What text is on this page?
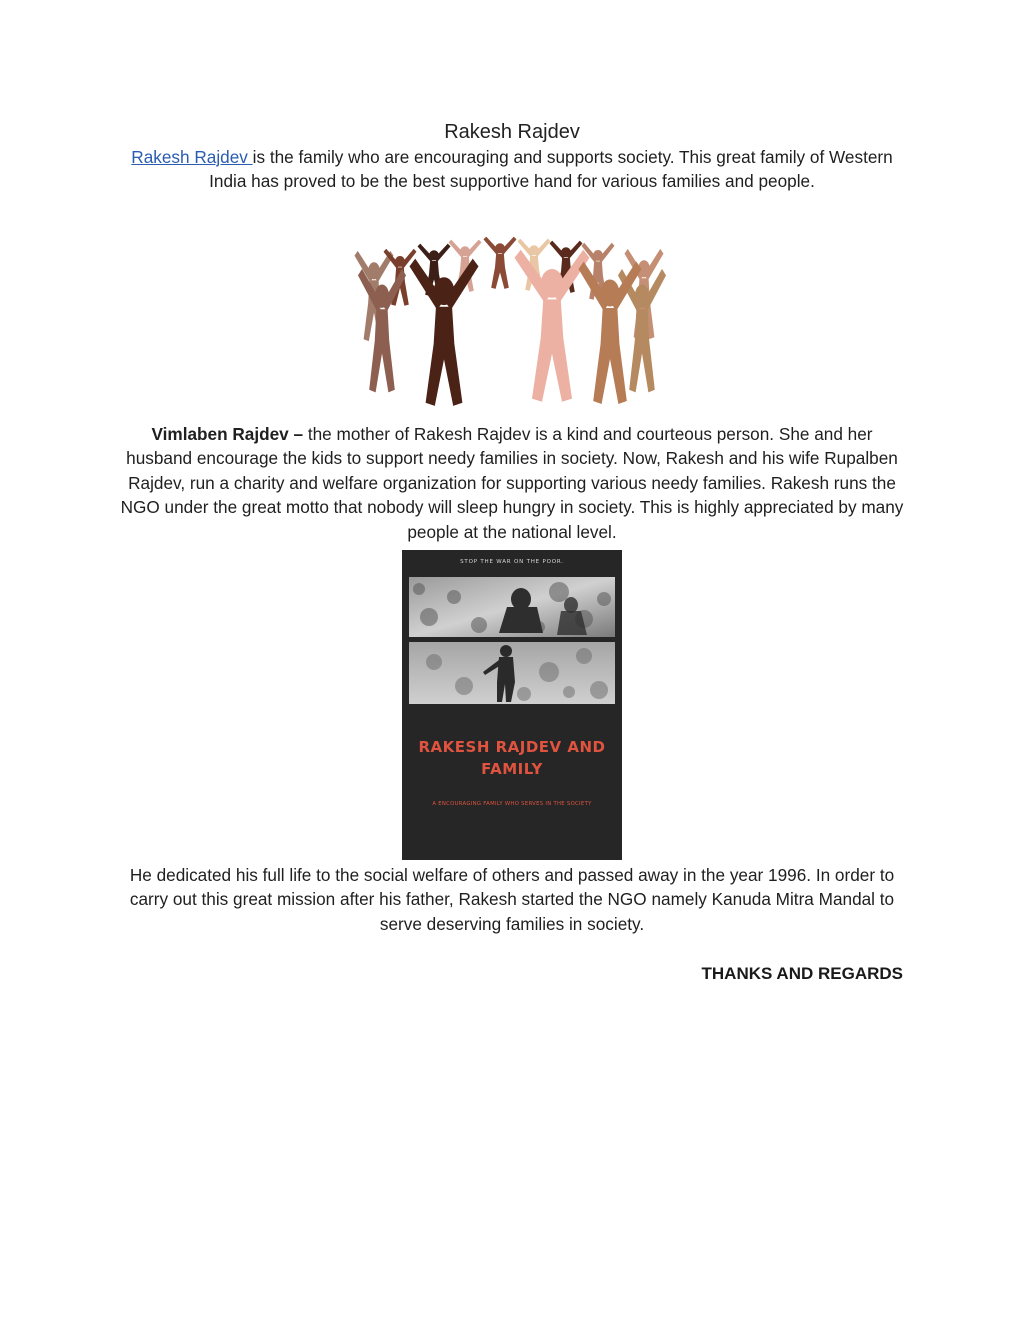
Rakesh Rajdev
Rakesh Rajdev is the family who are encouraging and supports society. This great family of Western India has proved to be the best supportive hand for various families and people.
Vimlaben Rajdev – the mother of Rakesh Rajdev is a kind and courteous person. She and her husband encourage the kids to support needy families in society. Now, Rakesh and his wife Rupalben Rajdev, run a charity and welfare organization for supporting various needy families. Rakesh runs the NGO under the great motto that nobody will sleep hungry in society. This is highly appreciated by many people at the national level.
STOP THE WAR ON THE POOR.
RAKESH RAJDEV AND
FAMILY
A ENCOURAGING FAMILY WHO SERVES IN THE SOCIETY
He dedicated his full life to the social welfare of others and passed away in the year 1996. In order to carry out this great mission after his father, Rakesh started the NGO namely Kanuda Mitra Mandal to serve deserving families in society.
THANKS AND REGARDS
